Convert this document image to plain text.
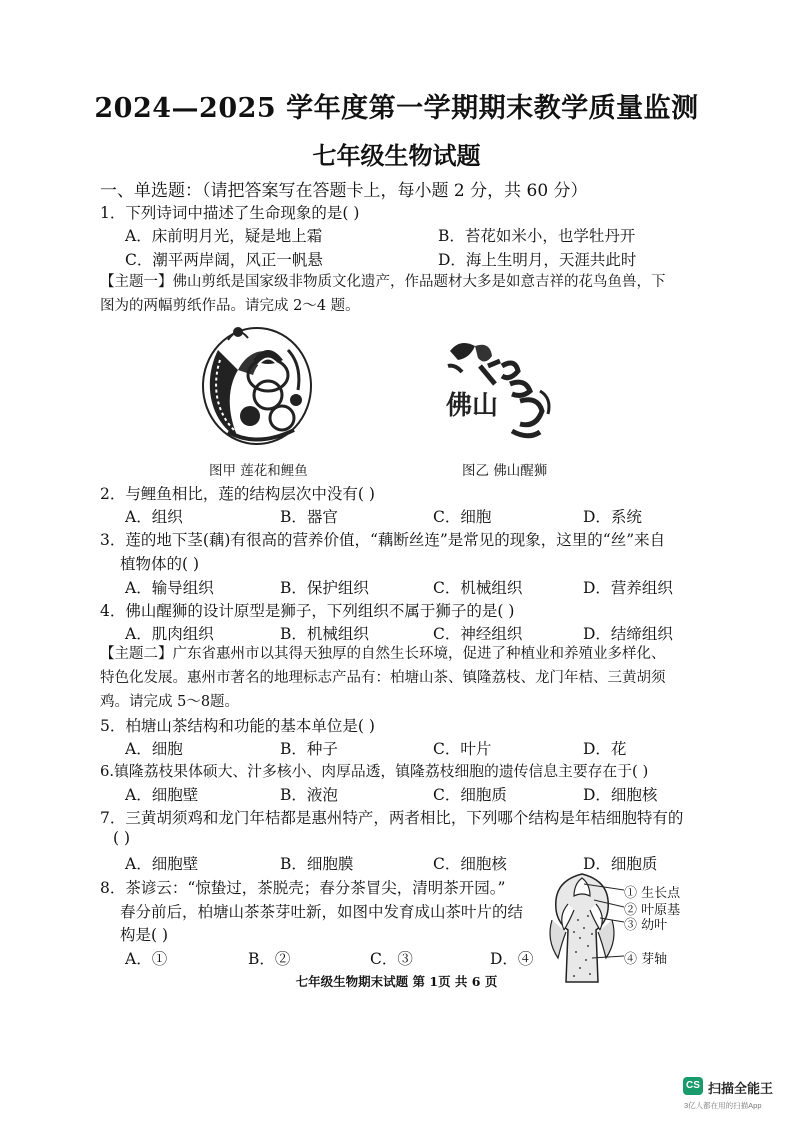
2024—2025 学年度第一学期期末教学质量监测
七年级生物试题
一、单选题：（请把答案写在答题卡上，每小题 2 分，共 60 分）
1．下列诗词中描述了生命现象的是( )
A．床前明月光，疑是地上霜	B．苔花如米小，也学牡丹开
C．潮平两岸阔，风正一帆悬	D．海上生明月，天涯共此时
【主题一】佛山剪纸是国家级非物质文化遗产，作品题材大多是如意吉祥的花鸟鱼兽，下
图为的两幅剪纸作品。请完成 2～4 题。
佛山
图甲 莲花和鲤鱼	图乙 佛山醒狮
2．与鲤鱼相比，莲的结构层次中没有( )
A．组织	B．器官	C．细胞	D．系统
3．莲的地下茎(藕)有很高的营养价值，“藕断丝连”是常见的现象，这里的“丝”来自
植物体的( )
A．输导组织	B．保护组织	C．机械组织	D．营养组织
4．佛山醒狮的设计原型是狮子，下列组织不属于狮子的是( )
A．肌肉组织	B．机械组织	C．神经组织	D．结缔组织
【主题二】广东省惠州市以其得天独厚的自然生长环境，促进了种植业和养殖业多样化、
特色化发展。惠州市著名的地理标志产品有：柏塘山茶、镇隆荔枝、龙门年桔、三黄胡须
鸡。请完成 5～8题。
5．柏塘山茶结构和功能的基本单位是( )
A．细胞	B．种子	C．叶片	D．花
6.镇隆荔枝果体硕大、汁多核小、肉厚品透，镇隆荔枝细胞的遗传信息主要存在于( )
A．细胞壁	B．液泡	C．细胞质	D．细胞核
7．三黄胡须鸡和龙门年桔都是惠州特产，两者相比，下列哪个结构是年桔细胞特有的
( )
A．细胞壁	B．细胞膜	C．细胞核	D．细胞质
8．茶谚云：“惊蛰过，茶脱壳；春分茶冒尖，清明茶开园。”
春分前后，柏塘山茶茶芽吐新，如图中发育成山茶叶片的结
构是( )
A．①	B．②	C．③	D．④
① 生长点
② 叶原基
③ 幼叶
④ 芽轴
七年级生物期末试题 第 1页 共 6 页
CS 扫描全能王
3亿人都在用的扫描App
